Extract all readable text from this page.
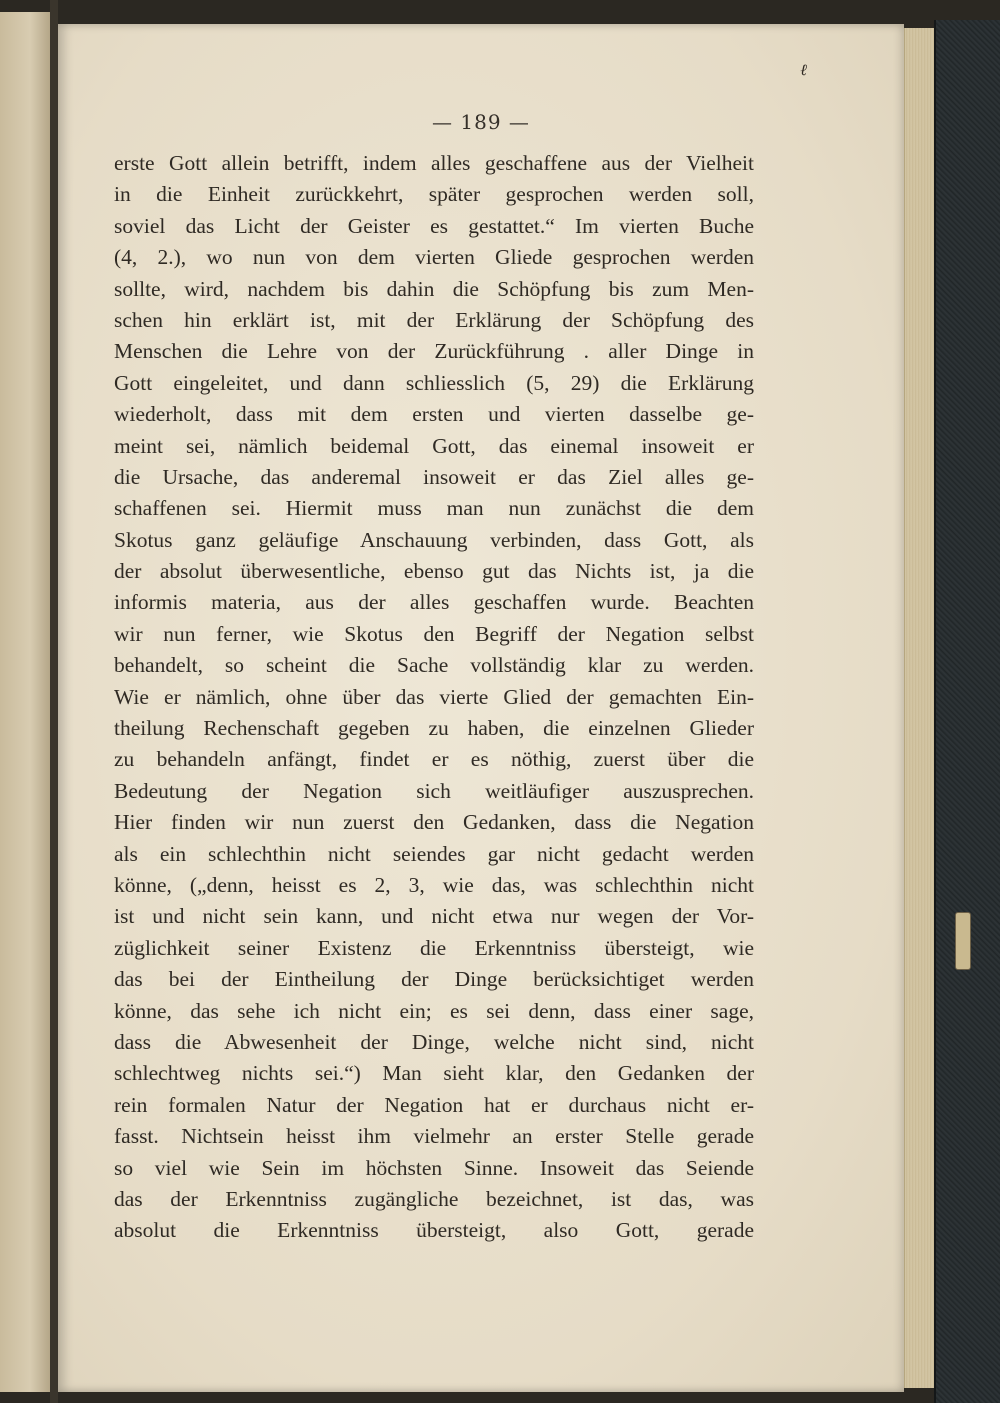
ℓ
— 189 —
erste Gott allein betrifft, indem alles geschaffene aus der Vielheit
in die Einheit zurückkehrt, später gesprochen werden soll,
soviel das Licht der Geister es gestattet.“ Im vierten Buche
(4, 2.), wo nun von dem vierten Gliede gesprochen werden
sollte, wird, nachdem bis dahin die Schöpfung bis zum Men-
schen hin erklärt ist, mit der Erklärung der Schöpfung des
Menschen die Lehre von der Zurückführung . aller Dinge in
Gott eingeleitet, und dann schliesslich (5, 29) die Erklärung
wiederholt, dass mit dem ersten und vierten dasselbe ge-
meint sei, nämlich beidemal Gott, das einemal insoweit er
die Ursache, das anderemal insoweit er das Ziel alles ge-
schaffenen sei. Hiermit muss man nun zunächst die dem
Skotus ganz geläufige Anschauung verbinden, dass Gott, als
der absolut überwesentliche, ebenso gut das Nichts ist, ja die
informis materia, aus der alles geschaffen wurde. Beachten
wir nun ferner, wie Skotus den Begriff der Negation selbst
behandelt, so scheint die Sache vollständig klar zu werden.
Wie er nämlich, ohne über das vierte Glied der gemachten Ein-
theilung Rechenschaft gegeben zu haben, die einzelnen Glieder
zu behandeln anfängt, findet er es nöthig, zuerst über die
Bedeutung der Negation sich weitläufiger auszusprechen.
Hier finden wir nun zuerst den Gedanken, dass die Negation
als ein schlechthin nicht seiendes gar nicht gedacht werden
könne, („denn, heisst es 2, 3, wie das, was schlechthin nicht
ist und nicht sein kann, und nicht etwa nur wegen der Vor-
züglichkeit seiner Existenz die Erkenntniss übersteigt, wie
das bei der Eintheilung der Dinge berücksichtiget werden
könne, das sehe ich nicht ein; es sei denn, dass einer sage,
dass die Abwesenheit der Dinge, welche nicht sind, nicht
schlechtweg nichts sei.“) Man sieht klar, den Gedanken der
rein formalen Natur der Negation hat er durchaus nicht er-
fasst. Nichtsein heisst ihm vielmehr an erster Stelle gerade
so viel wie Sein im höchsten Sinne. Insoweit das Seiende
das der Erkenntniss zugängliche bezeichnet, ist das, was
absolut die Erkenntniss übersteigt, also Gott, gerade
